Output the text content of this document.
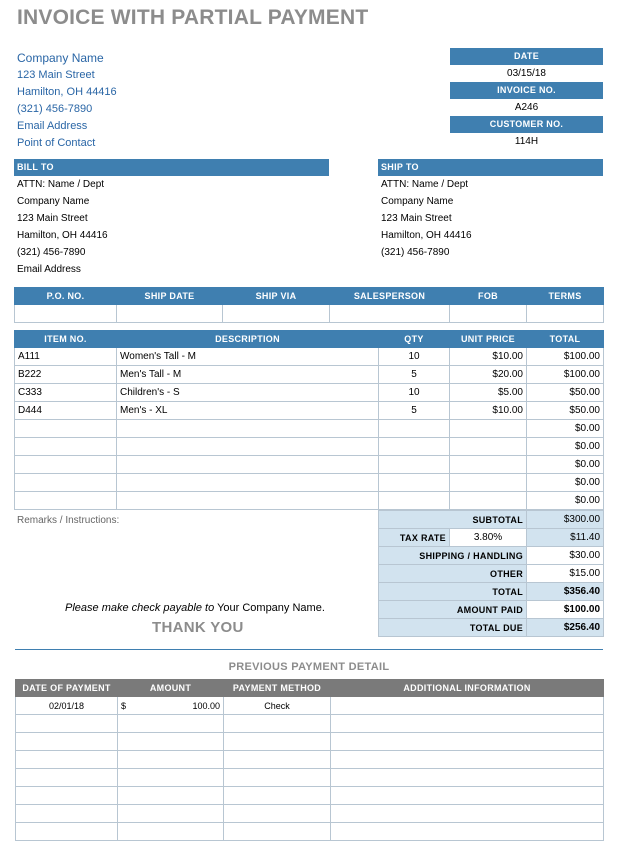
INVOICE WITH PARTIAL PAYMENT
Company Name
123 Main Street
Hamilton, OH 44416
(321) 456-7890
Email Address
Point of Contact
DATE
03/15/18
INVOICE NO.
A246
CUSTOMER NO.
114H
BILL TO
ATTN: Name / Dept
Company Name
123 Main Street
Hamilton, OH 44416
(321) 456-7890
Email Address
SHIP TO
ATTN: Name / Dept
Company Name
123 Main Street
Hamilton, OH 44416
(321) 456-7890
P.O. NO.	SHIP DATE	SHIP VIA	SALESPERSON	FOB	TERMS

ITEM NO.	DESCRIPTION	QTY	UNIT PRICE	TOTAL
A111	Women's Tall - M	10	$10.00	$100.00
B222	Men's Tall - M	5	$20.00	$100.00
C333	Children's - S	10	$5.00	$50.00
D444	Men's - XL	5	$10.00	$50.00
				$0.00
				$0.00
				$0.00
				$0.00
				$0.00
Remarks / Instructions:	SUBTOTAL		$300.00
TAX RATE	3.80%	$11.40
SHIPPING / HANDLING		$30.00
OTHER		$15.00
TOTAL		$356.40
AMOUNT PAID		$100.00
TOTAL DUE		$256.40
Please make check payable to Your Company Name.
THANK YOU
PREVIOUS PAYMENT DETAIL
DATE OF PAYMENT	AMOUNT		PAYMENT METHOD	ADDITIONAL INFORMATION
02/01/18	$	100.00	Check	
